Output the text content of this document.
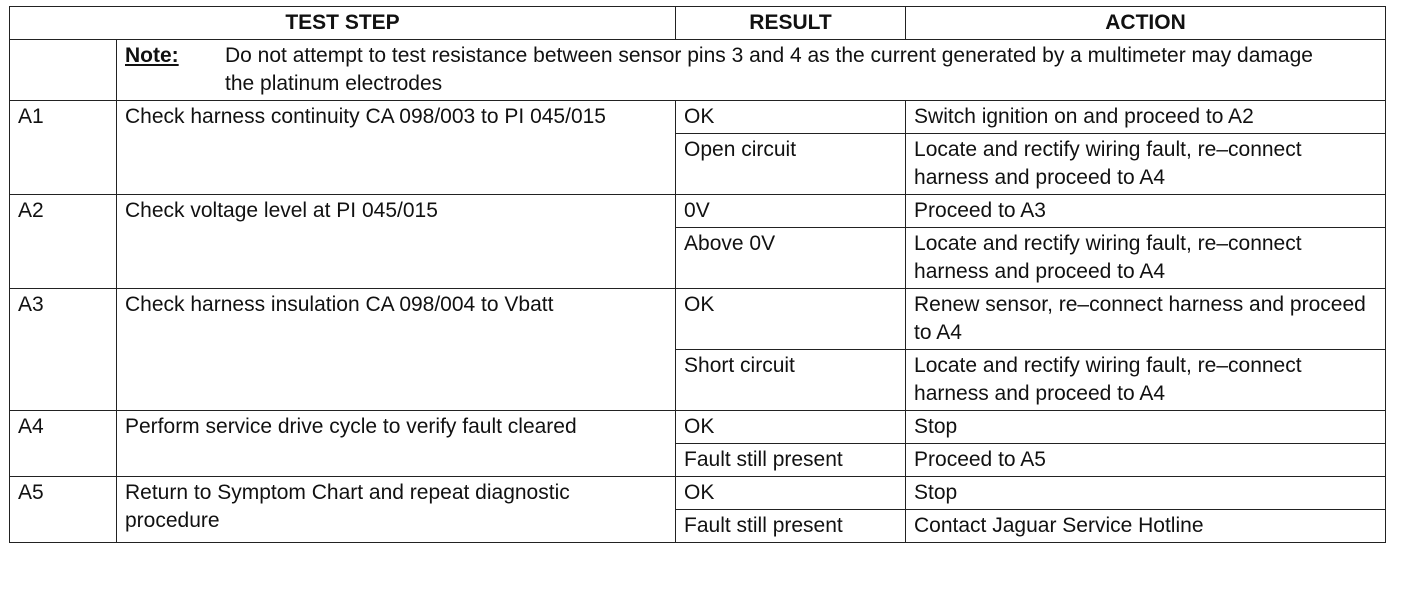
TEST STEP		RESULT	ACTION
	Note: Do not attempt to test resistance between sensor pins 3 and 4 as the current generated by a multimeter may damage the platinum electrodes		
A1	Check harness continuity CA 098/003 to PI 045/015	OK	Switch ignition on and proceed to A2
		Open circuit	Locate and rectify wiring fault, re–connect harness and proceed to A4
A2	Check voltage level at PI 045/015	0V	Proceed to A3
		Above 0V	Locate and rectify wiring fault, re–connect harness and proceed to A4
A3	Check harness insulation CA 098/004 to Vbatt	OK	Renew sensor, re–connect harness and proceed to A4
		Short circuit	Locate and rectify wiring fault, re–connect harness and proceed to A4
A4	Perform service drive cycle to verify fault cleared	OK	Stop
		Fault still present	Proceed to A5
A5	Return to Symptom Chart and repeat diagnostic procedure	OK	Stop
		Fault still present	Contact Jaguar Service Hotline
